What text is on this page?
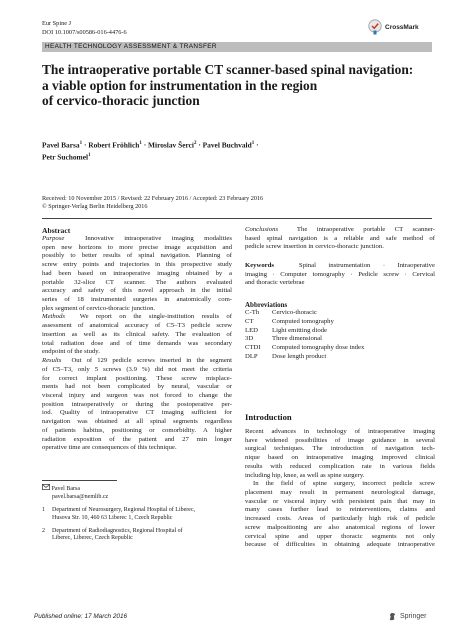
Eur Spine J
DOI 10.1007/s00586-016-4476-6
CrossMark
HEALTH TECHNOLOGY ASSESSMENT & TRANSFER
The intraoperative portable CT scanner-based spinal navigation:
a viable option for instrumentation in the region
of cervico-thoracic junction
Pavel Barsa$^1$ · Robert Fröhlich$^1$ · Miroslav Šerci$^2$ · Pavel Buchvald$^1$ ·
Petr Suchomel$^1$
Received: 10 November 2015 / Revised: 22 February 2016 / Accepted: 23 February 2016
© Springer-Verlag Berlin Heidelberg 2016
Abstract
Purpose	Innovative intraoperative imaging modalities
open new horizons to more precise image acquisition and
possibly to better results of spinal navigation. Planning of
screw entry points and trajectories in this prospective study
had been based on intraoperative imaging obtained by a
portable 32-slice CT scanner. The authors evaluated
accuracy and safety of this novel approach in the initial
series of 18 instrumented surgeries in anatomically com-
plex segment of cervico-thoracic junction.
Methods We report on the single-institution results of
assessment of anatomical accuracy of C5–T3 pedicle screw
insertion as well as its clinical safety. The evaluation of
total radiation dose and of time demands was secondary
endpoint of the study.
Results Out of 129 pedicle screws inserted in the segment
of C5–T3, only 5 screws (3.9 %) did not meet the criteria
for correct implant positioning. These screw misplace-
ments had not been complicated by neural, vascular or
visceral injury and surgeon was not forced to change the
position intraoperatively or during the postoperative per-
iod. Quality of intraoperative CT imaging sufficient for
navigation was obtained at all spinal segments regardless
of patients habitus, positioning or comorbidity. A higher
radiation exposition of the patient and 27 min longer
operative time are consequences of this technique.
Conclusions	The intraoperative portable CT scanner-
based spinal navigation is a reliable and safe method of
pedicle screw insertion in cervico-thoracic junction.
Keywords	Spinal instrumentation · Intraoperative
imaging · Computer tomography · Pedicle screw · Cervical
and thoracic vertebrae
Abbreviations
C-Th	Cervico-thoracic
CT	Computed tomography
LED	Light emitting diode
3D	Three dimensional
CTDI	Computed tomography dose index
DLP	Dose length product
Introduction
Recent advances in technology of intraoperative imaging
have widened possibilities of image guidance in several
surgical techniques. The introduction of navigation tech-
nique based on intraoperative imaging improved clinical
results with reduced complication rate in various fields
including hip, knee, as well as spine surgery.
In the field of spine surgery, incorrect pedicle screw
placement may result in permanent neurological damage,
vascular or visceral injury with persistent pain that may in
many cases further lead to reinterventions, claims and
increased costs. Areas of particularly high risk of pedicle
screw malpositioning are also anatomical regions of lower
cervical spine and upper thoracic segments not only
because of difficulties in obtaining adequate intraoperative
Pavel Barsa
pavel.barsa@nemlib.cz
1 Department of Neurosurgery, Regional Hospital of Liberec,
Husova Str. 10, 460 63 Liberec 1, Czech Republic
2 Department of Radiodiagnostics, Regional Hospital of
Liberec, Liberec, Czech Republic
Published online: 17 March 2016	Springer
